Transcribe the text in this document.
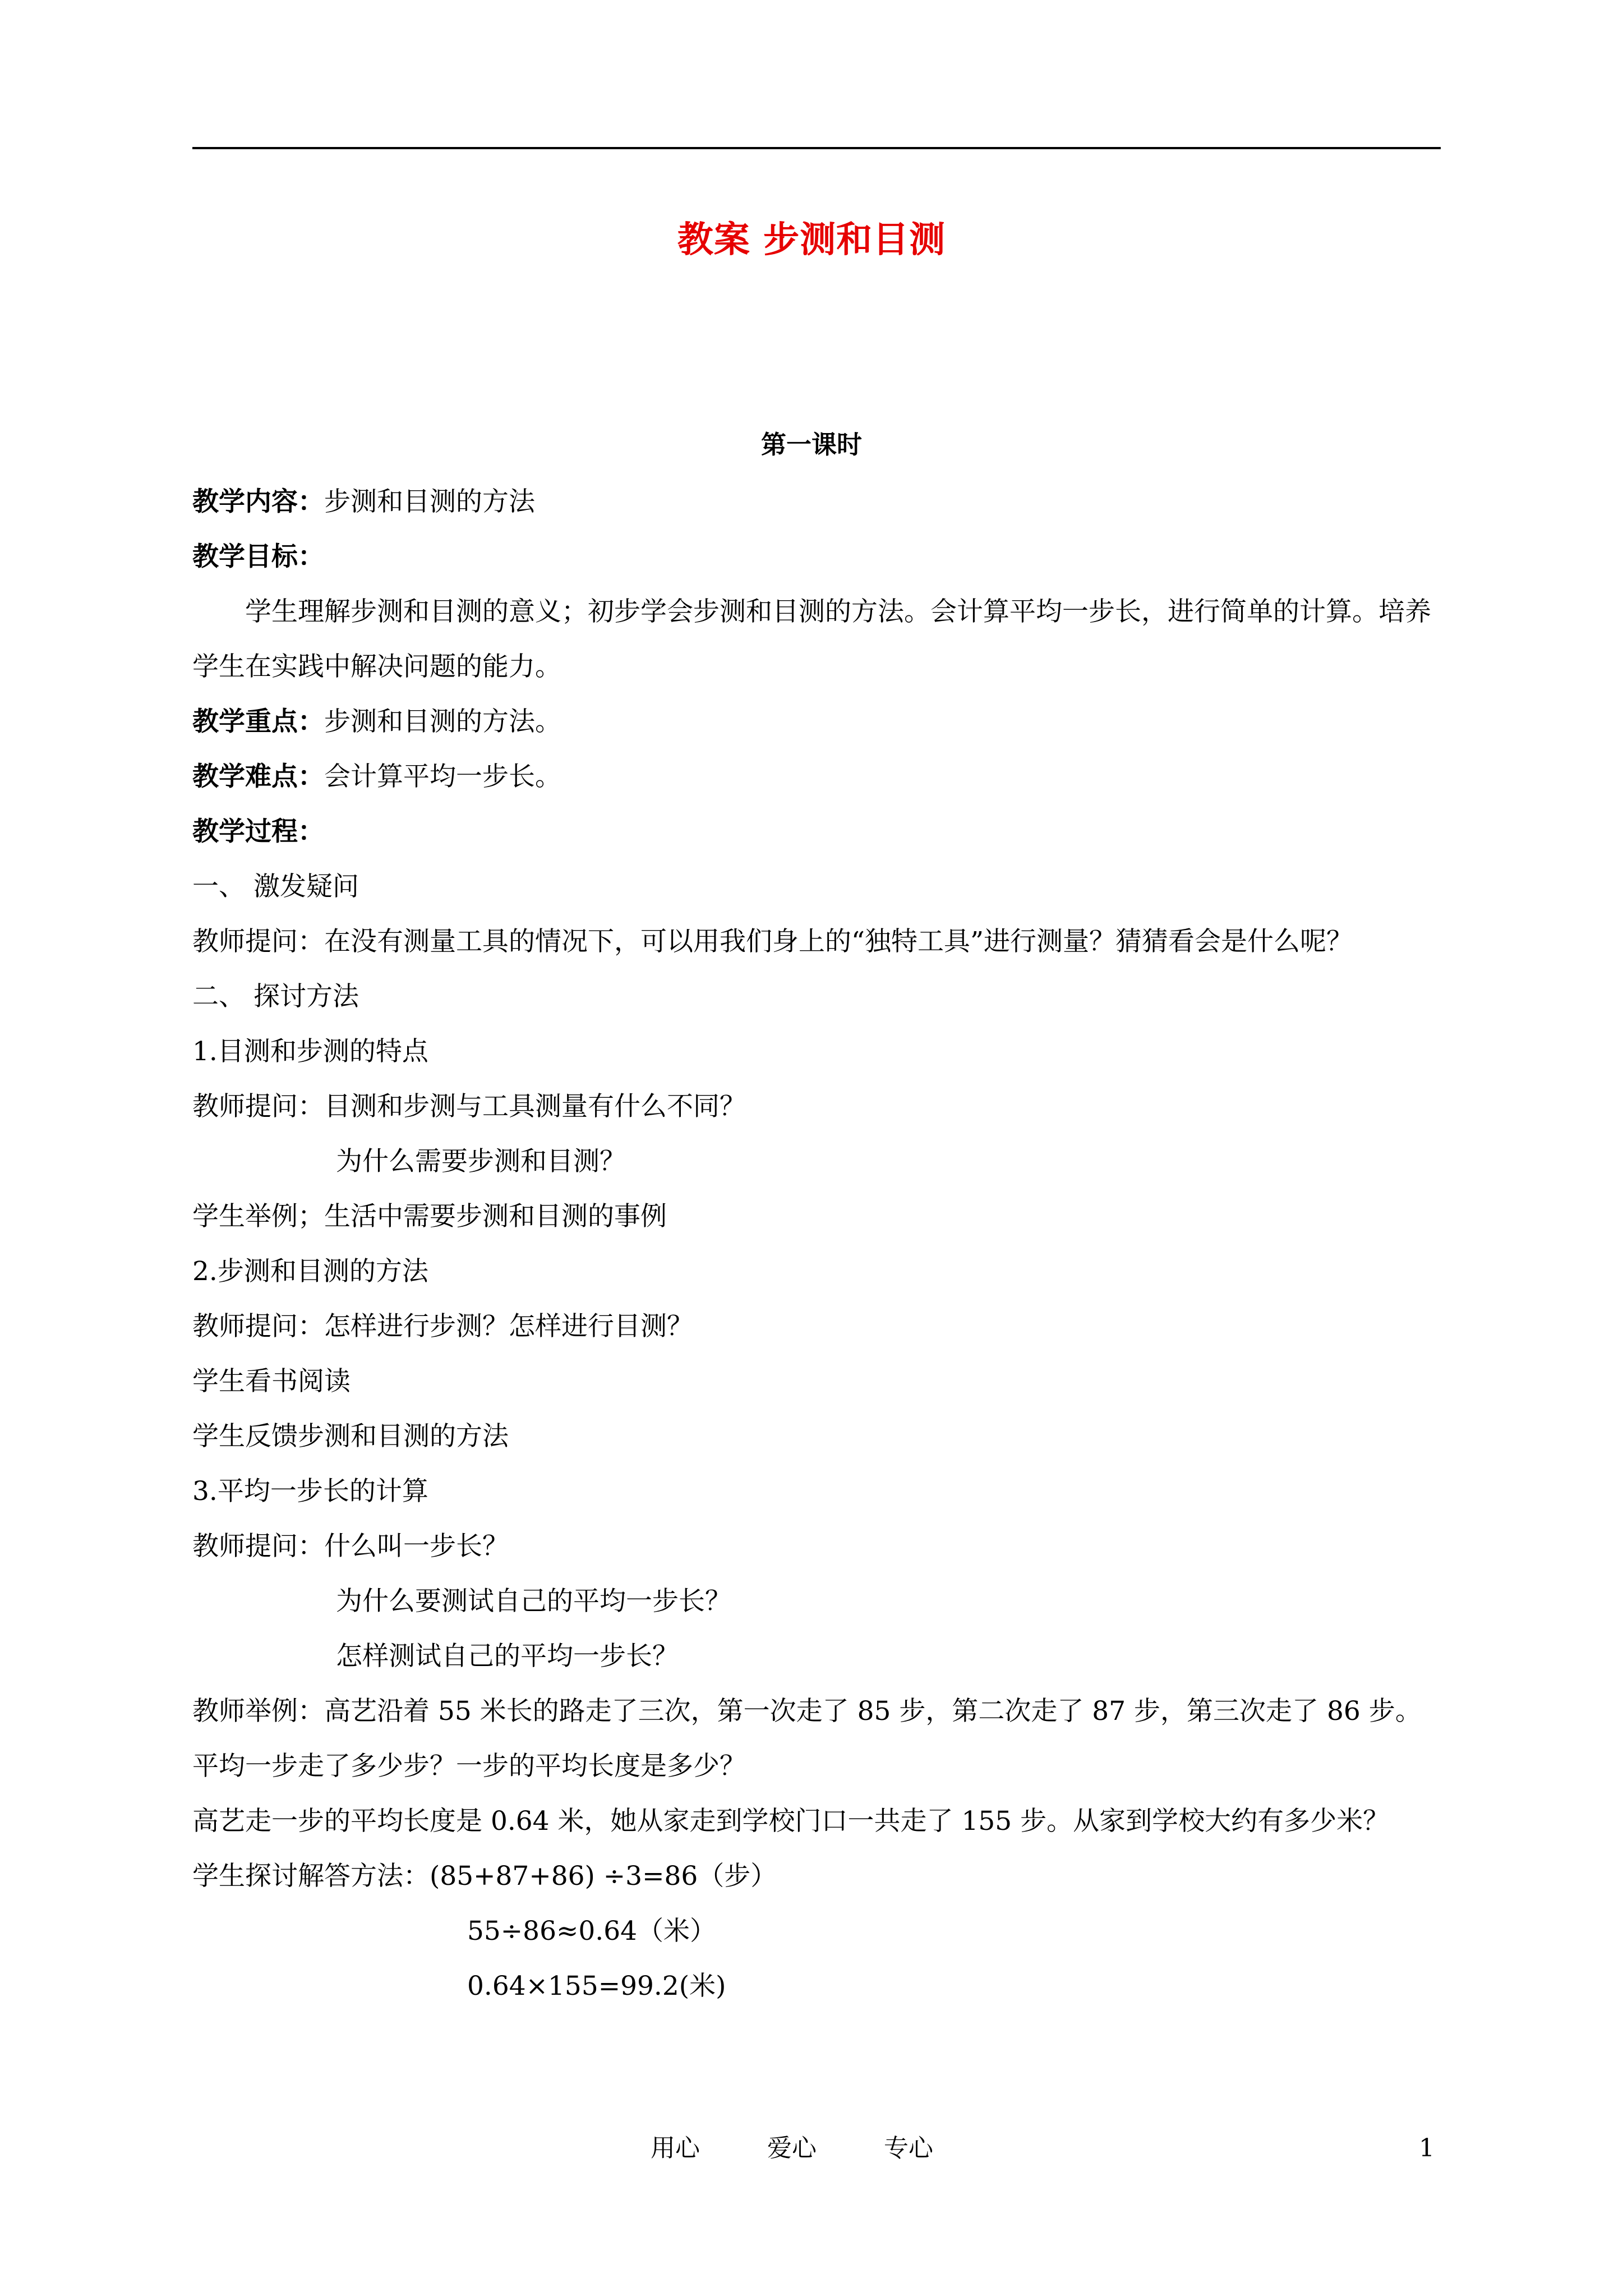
教案 步测和目测
第一课时

教学内容：步测和目测的方法

教学目标：

学生理解步测和目测的意义；初步学会步测和目测的方法。会计算平均一步长，进行简单的计算。培养学生在实践中解决问题的能力。

教学重点：步测和目测的方法。

教学难点：会计算平均一步长。

教学过程：

一、 激发疑问

教师提问：在没有测量工具的情况下，可以用我们身上的“独特工具”进行测量？猜猜看会是什么呢？

二、 探讨方法

1.目测和步测的特点

教师提问：目测和步测与工具测量有什么不同？

为什么需要步测和目测？

学生举例；生活中需要步测和目测的事例

2.步测和目测的方法

教师提问：怎样进行步测？怎样进行目测？

学生看书阅读

学生反馈步测和目测的方法

3.平均一步长的计算

教师提问：什么叫一步长？

为什么要测试自己的平均一步长？

怎样测试自己的平均一步长？

教师举例：高艺沿着 55 米长的路走了三次，第一次走了 85 步，第二次走了 87 步，第三次走了 86 步。平均一步走了多少步？一步的平均长度是多少？

高艺走一步的平均长度是 0.64 米，她从家走到学校门口一共走了 155 步。从家到学校大约有多少米？

学生探讨解答方法：(85+87+86) ÷3=86（步）

55÷86≈0.64（米）

0.64×155=99.2(米)

用心	爱心	专心	1
